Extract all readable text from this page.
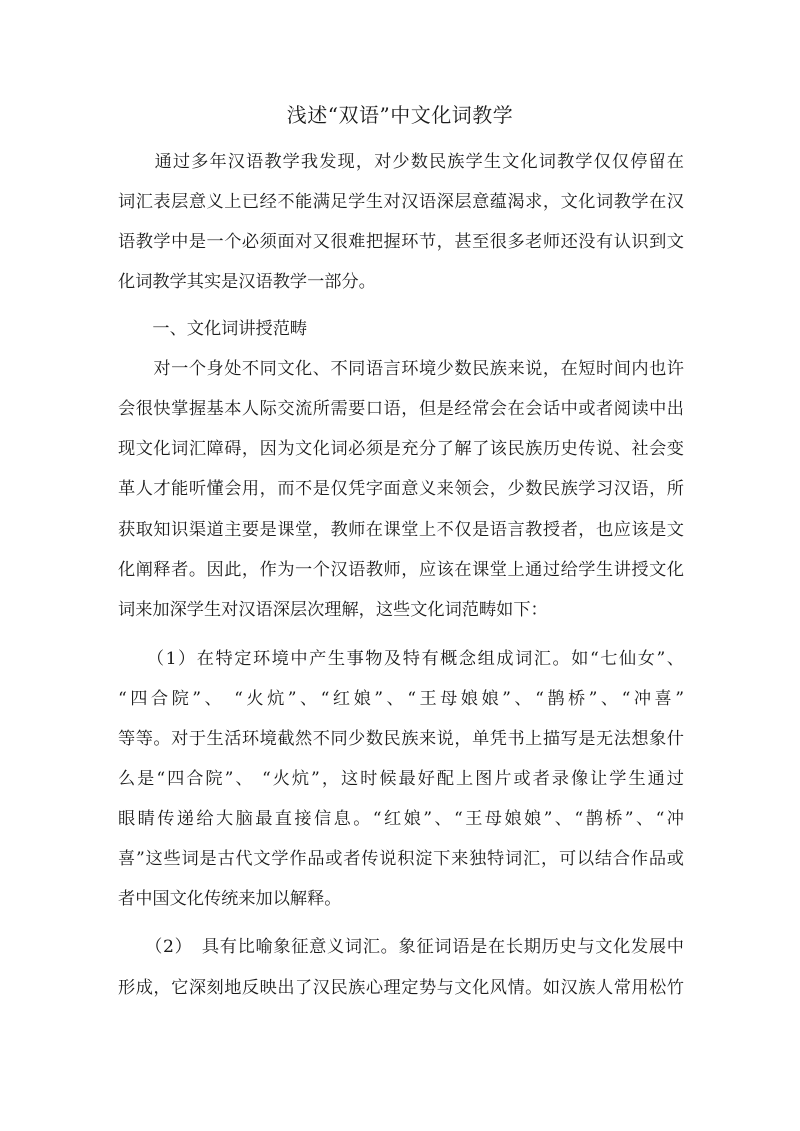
浅述“双语”中文化词教学
　　通过多年汉语教学我发现，对少数民族学生文化词教学仅仅停留在
词汇表层意义上已经不能满足学生对汉语深层意蕴渴求，文化词教学在汉
语教学中是一个必须面对又很难把握环节，甚至很多老师还没有认识到文
化词教学其实是汉语教学一部分。
　　一、文化词讲授范畴
　　对一个身处不同文化、不同语言环境少数民族来说，在短时间内也许
会很快掌握基本人际交流所需要口语，但是经常会在会话中或者阅读中出
现文化词汇障碍，因为文化词必须是充分了解了该民族历史传说、社会变
革人才能听懂会用，而不是仅凭字面意义来领会，少数民族学习汉语，所
获取知识渠道主要是课堂，教师在课堂上不仅是语言教授者，也应该是文
化阐释者。因此，作为一个汉语教师，应该在课堂上通过给学生讲授文化
词来加深学生对汉语深层次理解，这些文化词范畴如下：
　　（1）在特定环境中产生事物及特有概念组成词汇。如“七仙女”、
“四合院”、 “火炕”、“红娘”、“王母娘娘”、“鹊桥”、“冲喜”
等等。对于生活环境截然不同少数民族来说，单凭书上描写是无法想象什
么是“四合院”、 “火炕”，这时候最好配上图片或者录像让学生通过
眼睛传递给大脑最直接信息。“红娘”、“王母娘娘”、“鹊桥”、“冲
喜”这些词是古代文学作品或者传说积淀下来独特词汇，可以结合作品或
者中国文化传统来加以解释。
　　（2）　具有比喻象征意义词汇。象征词语是在长期历史与文化发展中
形成，它深刻地反映出了汉民族心理定势与文化风情。如汉族人常用松竹
